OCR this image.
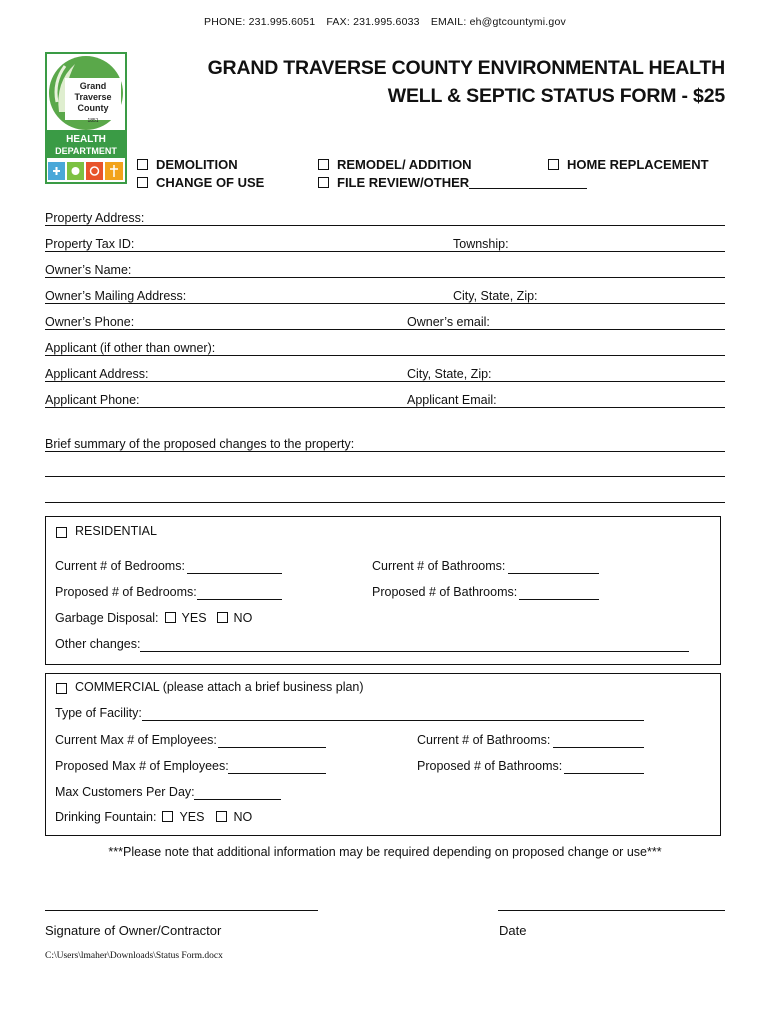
PHONE: 231.995.6051 FAX: 231.995.6033 EMAIL: eh@gtcountymi.gov
Grand
Traverse
County
1851
HEALTH
DEPARTMENT
GRAND TRAVERSE COUNTY ENVIRONMENTAL HEALTH
WELL & SEPTIC STATUS FORM - $25
DEMOLITION
CHANGE OF USE
REMODEL/ ADDITION
FILE REVIEW/OTHER
HOME REPLACEMENT
Property Address:
Property Tax ID:	Township:
Owner’s Name:
Owner’s Mailing Address:	City, State, Zip:
Owner’s Phone:	Owner’s email:
Applicant (if other than owner):
Applicant Address:	City, State, Zip:
Applicant Phone:	Applicant Email:
Brief summary of the proposed changes to the property:
RESIDENTIAL
Current # of Bedrooms:	Current # of Bathrooms:
Proposed # of Bedrooms:	Proposed # of Bathrooms:
Garbage Disposal: YES NO
Other changes:
COMMERCIAL (please attach a brief business plan)
Type of Facility:
Current Max # of Employees:	Current # of Bathrooms:
Proposed Max # of Employees:	Proposed # of Bathrooms:
Max Customers Per Day:
Drinking Fountain: YES NO
***Please note that additional information may be required depending on proposed change or use***
Signature of Owner/Contractor	Date
C:\Users\lmaher\Downloads\Status Form.docx
